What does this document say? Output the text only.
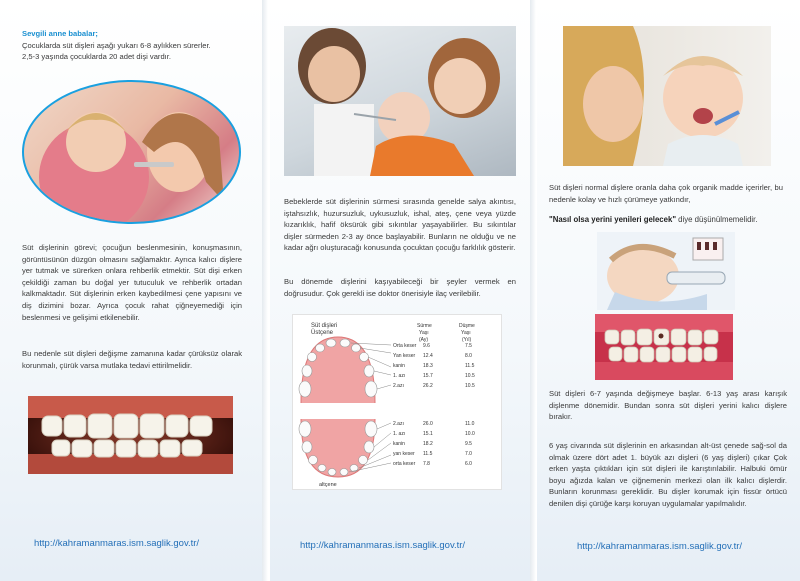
Sevgili anne babalar;
Çocuklarda süt dişleri aşağı yukarı 6-8 aylıkken sürerler.
2,5-3 yaşında çocuklarda 20 adet dişi vardır.
Süt dişlerinin görevi; çocuğun beslenmesinin, konuşmasının, görüntüsünün düzgün olmasını sağlamaktır. Ayrıca kalıcı dişlere yer tutmak ve sürerken onlara rehberlik etmektir. Süt dişi erken çekildiği zaman bu doğal yer tutuculuk ve rehberlik ortadan kalkmaktadır. Süt dişlerinin erken kaybedilmesi çene yapısını ve diş dizimini bozar. Ayrıca çocuk rahat çiğneyemediği için beslenmesi ve gelişimi etkilenebilir.
Bu nedenle süt dişleri değişme zamanına kadar çürüksüz olarak korunmalı, çürük varsa mutlaka tedavi ettirilmelidir.
http://kahramanmaras.ism.saglik.gov.tr/
Bebeklerde süt dişlerinin sürmesi sırasında genelde salya akıntısı, iştahsızlık, huzursuzluk, uykusuzluk, ishal, ateş, çene veya yüzde kızarıklık, hafif öksürük gibi sıkıntılar yaşayabilirler. Bu sıkıntılar dişler sürmeden 2-3 ay önce başlayabilir. Bunların ne olduğu ve ne kadar ağrı oluşturacağı konusunda çocuktan çocuğu farklılık gösterir.
Bu dönemde dişlerini kaşıyabileceği bir şeyler vermek en doğrusudur. Çok gerekli ise doktor önerisiyle ilaç verilebilir.
Süt dişleri
Üstçene
Sürme
Yaşı
(Ay)
Düşme
Yaşı
(Yıl)
Orta keser 9.6	7.5
Yan keser 12.4	8.0
kanin	18.3	11.5
1. azı	15.7	10.5
2.azı	26.2	10.5
2.azı	26.0	11.0
1. azı	15.1	10.0
kanin	18.2	9.5
yan keser 11.5	7.0
orta keser 7.8	6.0
altçene
http://kahramanmaras.ism.saglik.gov.tr/
Süt dişleri normal dişlere oranla daha çok organik madde içerirler, bu nedenle kolay ve hızlı çürümeye yatkındır,
"Nasıl olsa yerini yenileri gelecek" diye düşünülmemelidir.
Süt dişleri 6-7 yaşında değişmeye başlar. 6-13 yaş arası karışık dişlenme dönemidir. Bundan sonra süt dişleri yerini kalıcı dişlere bırakır.
6 yaş civarında süt dişlerinin en arkasından alt-üst çenede sağ-sol da olmak üzere dört adet 1. büyük azı dişleri (6 yaş dişleri) çıkar Çok erken yaşta çıktıkları için süt dişleri ile karıştırılabilir. Halbuki ömür boyu ağızda kalan ve çiğnemenin merkezi olan ilk kalıcı dişlerdir. Bunların korunması gereklidir. Bu dişler korumak için fissür örtücü denilen dişi çürüğe karşı koruyan uygulamalar yapılmalıdır.
http://kahramanmaras.ism.saglik.gov.tr/
